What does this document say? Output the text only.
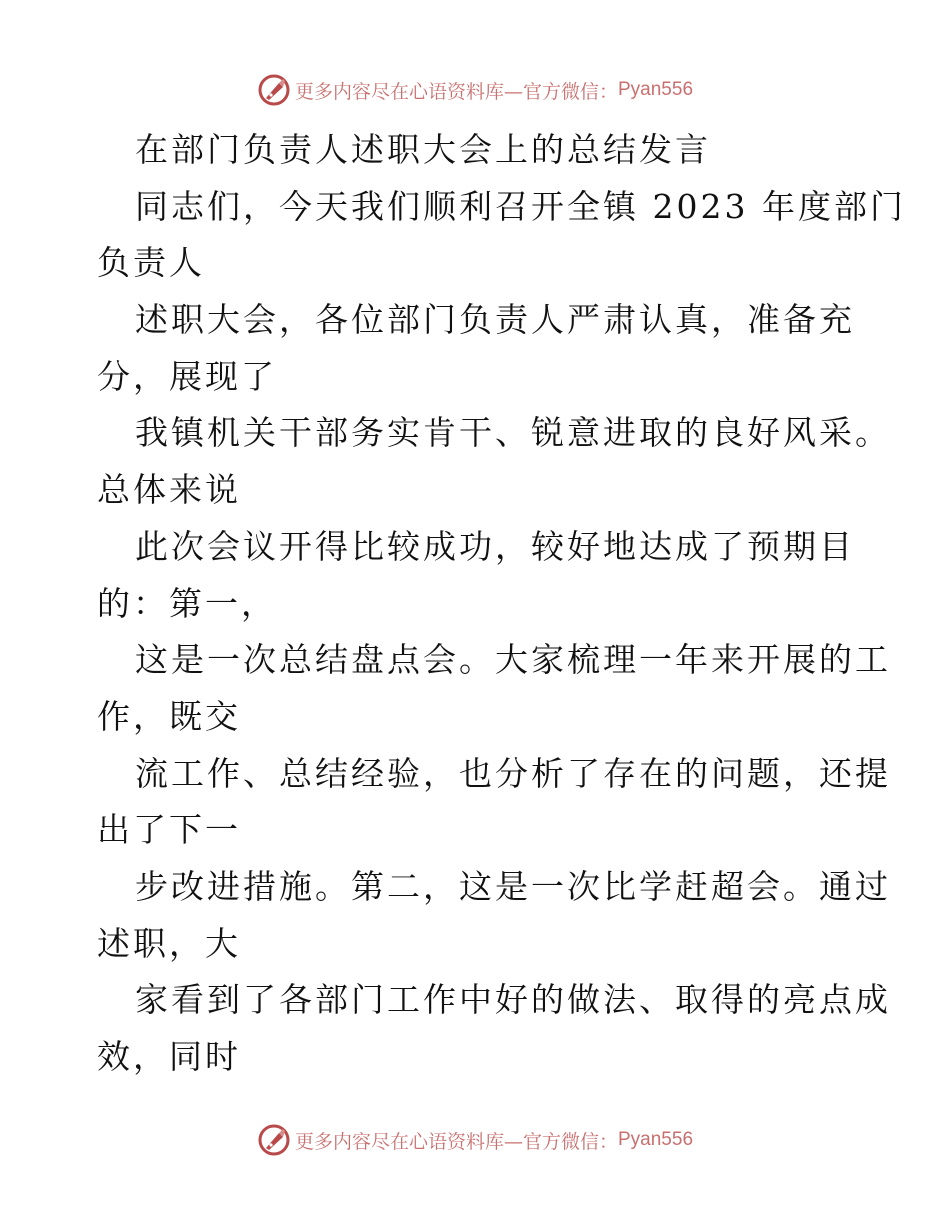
更多内容尽在心语资料库—官方微信： Pyan556
在部门负责人述职大会上的总结发言
同志们，今天我们顺利召开全镇 2023 年度部门
负责人
述职大会，各位部门负责人严肃认真，准备充
分，展现了
我镇机关干部务实肯干、锐意进取的良好风采。
总体来说
此次会议开得比较成功，较好地达成了预期目
的：第一，
这是一次总结盘点会。大家梳理一年来开展的工
作，既交
流工作、总结经验，也分析了存在的问题，还提
出了下一
步改进措施。第二，这是一次比学赶超会。通过
述职，大
家看到了各部门工作中好的做法、取得的亮点成
效，同时
更多内容尽在心语资料库—官方微信： Pyan556
